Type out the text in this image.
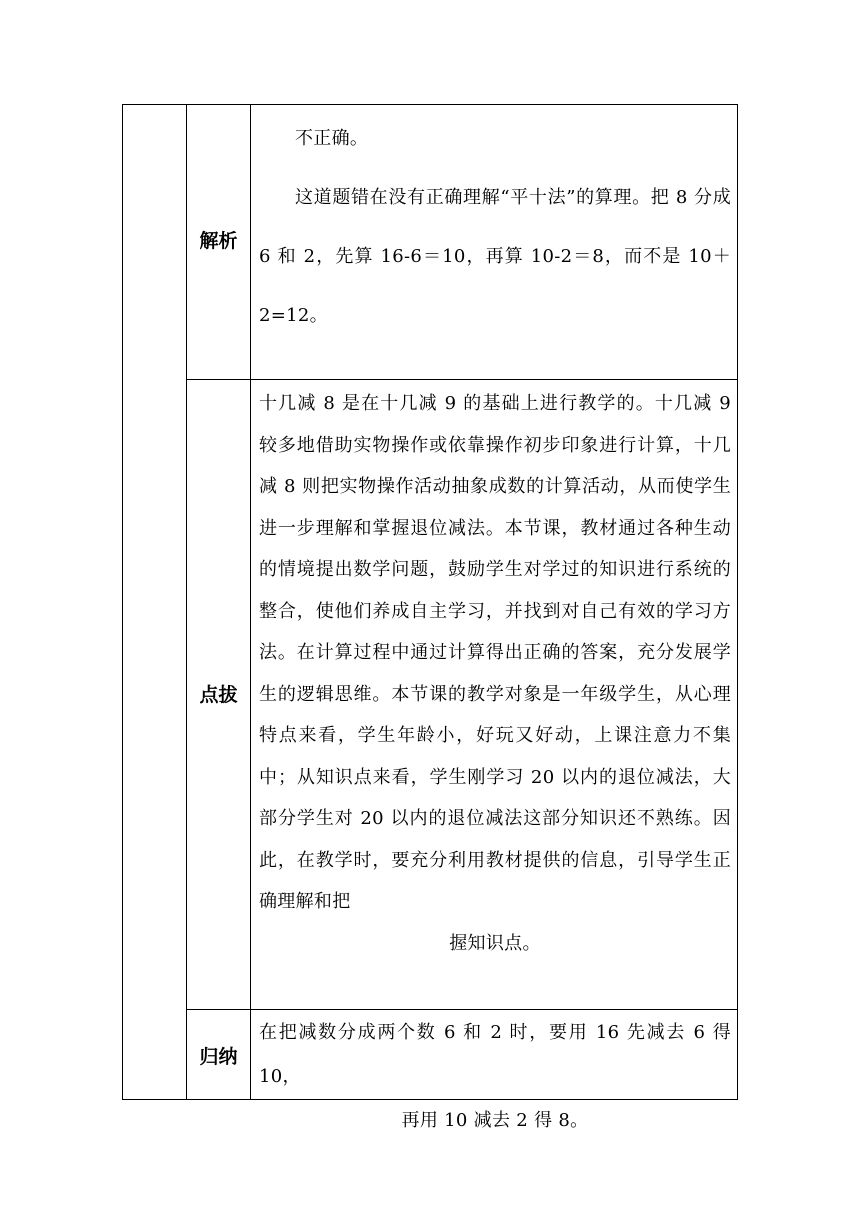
解析

不正确。

这道题错在没有正确理解“平十法”的算理。把 8 分成 6 和 2，先算 16-6＝10，再算 10-2＝8，而不是 10＋2=12。

点拔

十几减 8 是在十几减 9 的基础上进行教学的。十几减 9 较多地借助实物操作或依靠操作初步印象进行计算，十几减 8 则把实物操作活动抽象成数的计算活动，从而使学生进一步理解和掌握退位减法。本节课，教材通过各种生动的情境提出数学问题，鼓励学生对学过的知识进行系统的整合，使他们养成自主学习，并找到对自己有效的学习方法。在计算过程中通过计算得出正确的答案，充分发展学生的逻辑思维。本节课的教学对象是一年级学生，从心理特点来看，学生年龄小，好玩又好动，上课注意力不集中；从知识点来看，学生刚学习 20 以内的退位减法，大部分学生对 20 以内的退位减法这部分知识还不熟练。因此，在教学时，要充分利用教材提供的信息，引导学生正确理解和把

握知识点。

归纳

在把减数分成两个数 6 和 2 时，要用 16 先减去 6 得 10，

再用 10 减去 2 得 8。
